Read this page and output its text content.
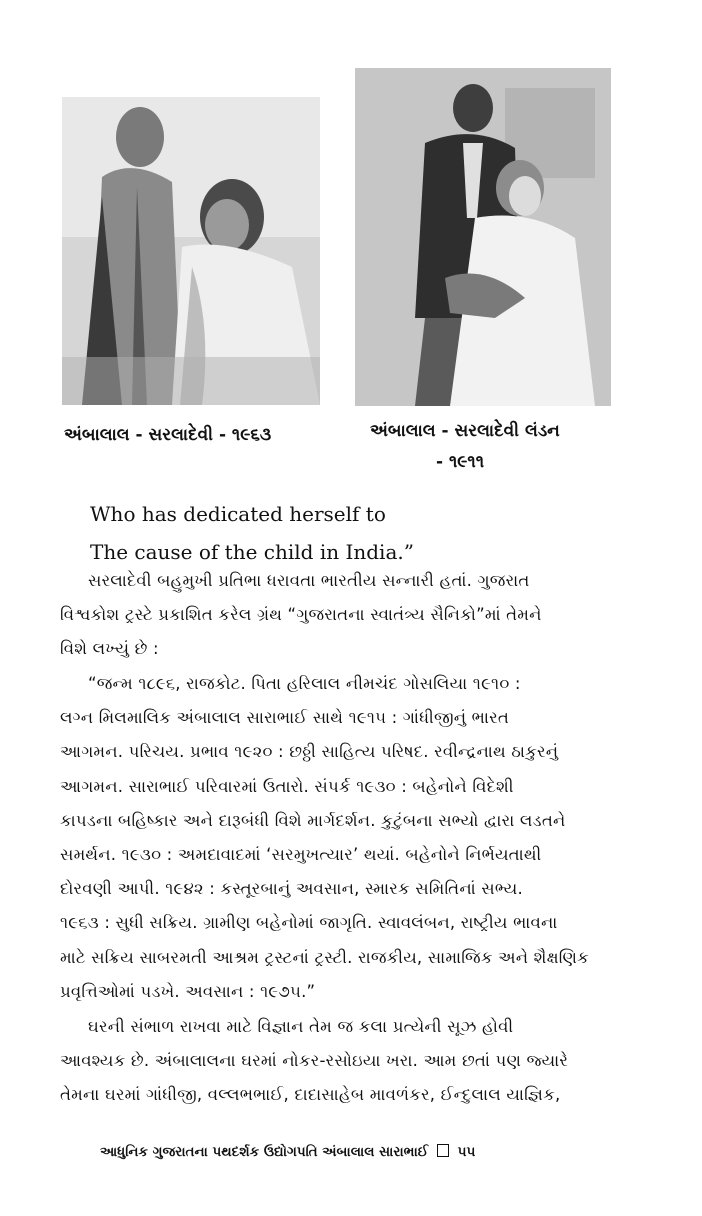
અંબાલાલ - સરલાદેવી - ૧૯૬૩	અંબાલાલ - સરલાદેવી લંડન
- ૧૯૧૧

Who has dedicated herself to

The cause of the child in India.”

સરલાદેવી બહુમુખી પ્રતિભા ધરાવતા ભારતીય સન્નારી હતાં. ગુજરાત
વિશ્વકોશ ટ્રસ્ટે પ્રકાશિત કરેલ ગ્રંથ “ગુજરાતના સ્વાતંત્ર્ય સૈનિકો”માં તેમને
વિશે લખ્યું છે :
“જન્મ ૧૮૯૬, રાજકોટ. પિતા હરિલાલ નીમચંદ ગોસલિયા ૧૯૧૦ :
લગ્ન મિલમાલિક અંબાલાલ સારાભાઈ સાથે ૧૯૧૫ : ગાંધીજીનું ભારત
આગમન. પરિચય. પ્રભાવ ૧૯૨૦ : છઠ્ઠી સાહિત્ય પરિષદ. રવીન્દ્રનાથ ઠાકુરનું
આગમન. સારાભાઈ પરિવારમાં ઉતારો. સંપર્ક ૧૯૩૦ : બહેનોને વિદેશી
કાપડના બહિષ્કાર અને દારૂબંધી વિશે માર્ગદર્શન. કુટુંબના સભ્યો દ્વારા લડતને
સમર્થન. ૧૯૩૦ : અમદાવાદમાં ‘સરમુખત્યાર’ થયાં. બહેનોને નિર્ભયતાથી
દોરવણી આપી. ૧૯૪૨ : કસ્તૂરબાનું અવસાન, સ્મારક સમિતિનાં સભ્ય.
૧૯૬૩ : સુધી સક્રિય. ગ્રામીણ બહેનોમાં જાગૃતિ. સ્વાવલંબન, રાષ્ટ્રીય ભાવના
માટે સક્રિય સાબરમતી આશ્રમ ટ્રસ્ટનાં ટ્રસ્ટી. રાજકીય, સામાજિક અને શૈક્ષણિક
પ્રવૃત્તિઓમાં પડખે. અવસાન : ૧૯૭૫.”
ઘરની સંભાળ રાખવા માટે વિજ્ઞાન તેમ જ કલા પ્રત્યેની સૂઝ હોવી
આવશ્યક છે. અંબાલાલના ઘરમાં નોકર-રસોઇયા ખરા. આમ છતાં પણ જ્યારે
તેમના ઘરમાં ગાંધીજી, વલ્લભભાઈ, દાદાસાહેબ માવળંકર, ઈન્દુલાલ યાજ્ઞિક,
આધુનિક ગુજરાતના પથદર્શક ઉદ્યોગપતિ અંબાલાલ સારાભાઈ ૫૫
